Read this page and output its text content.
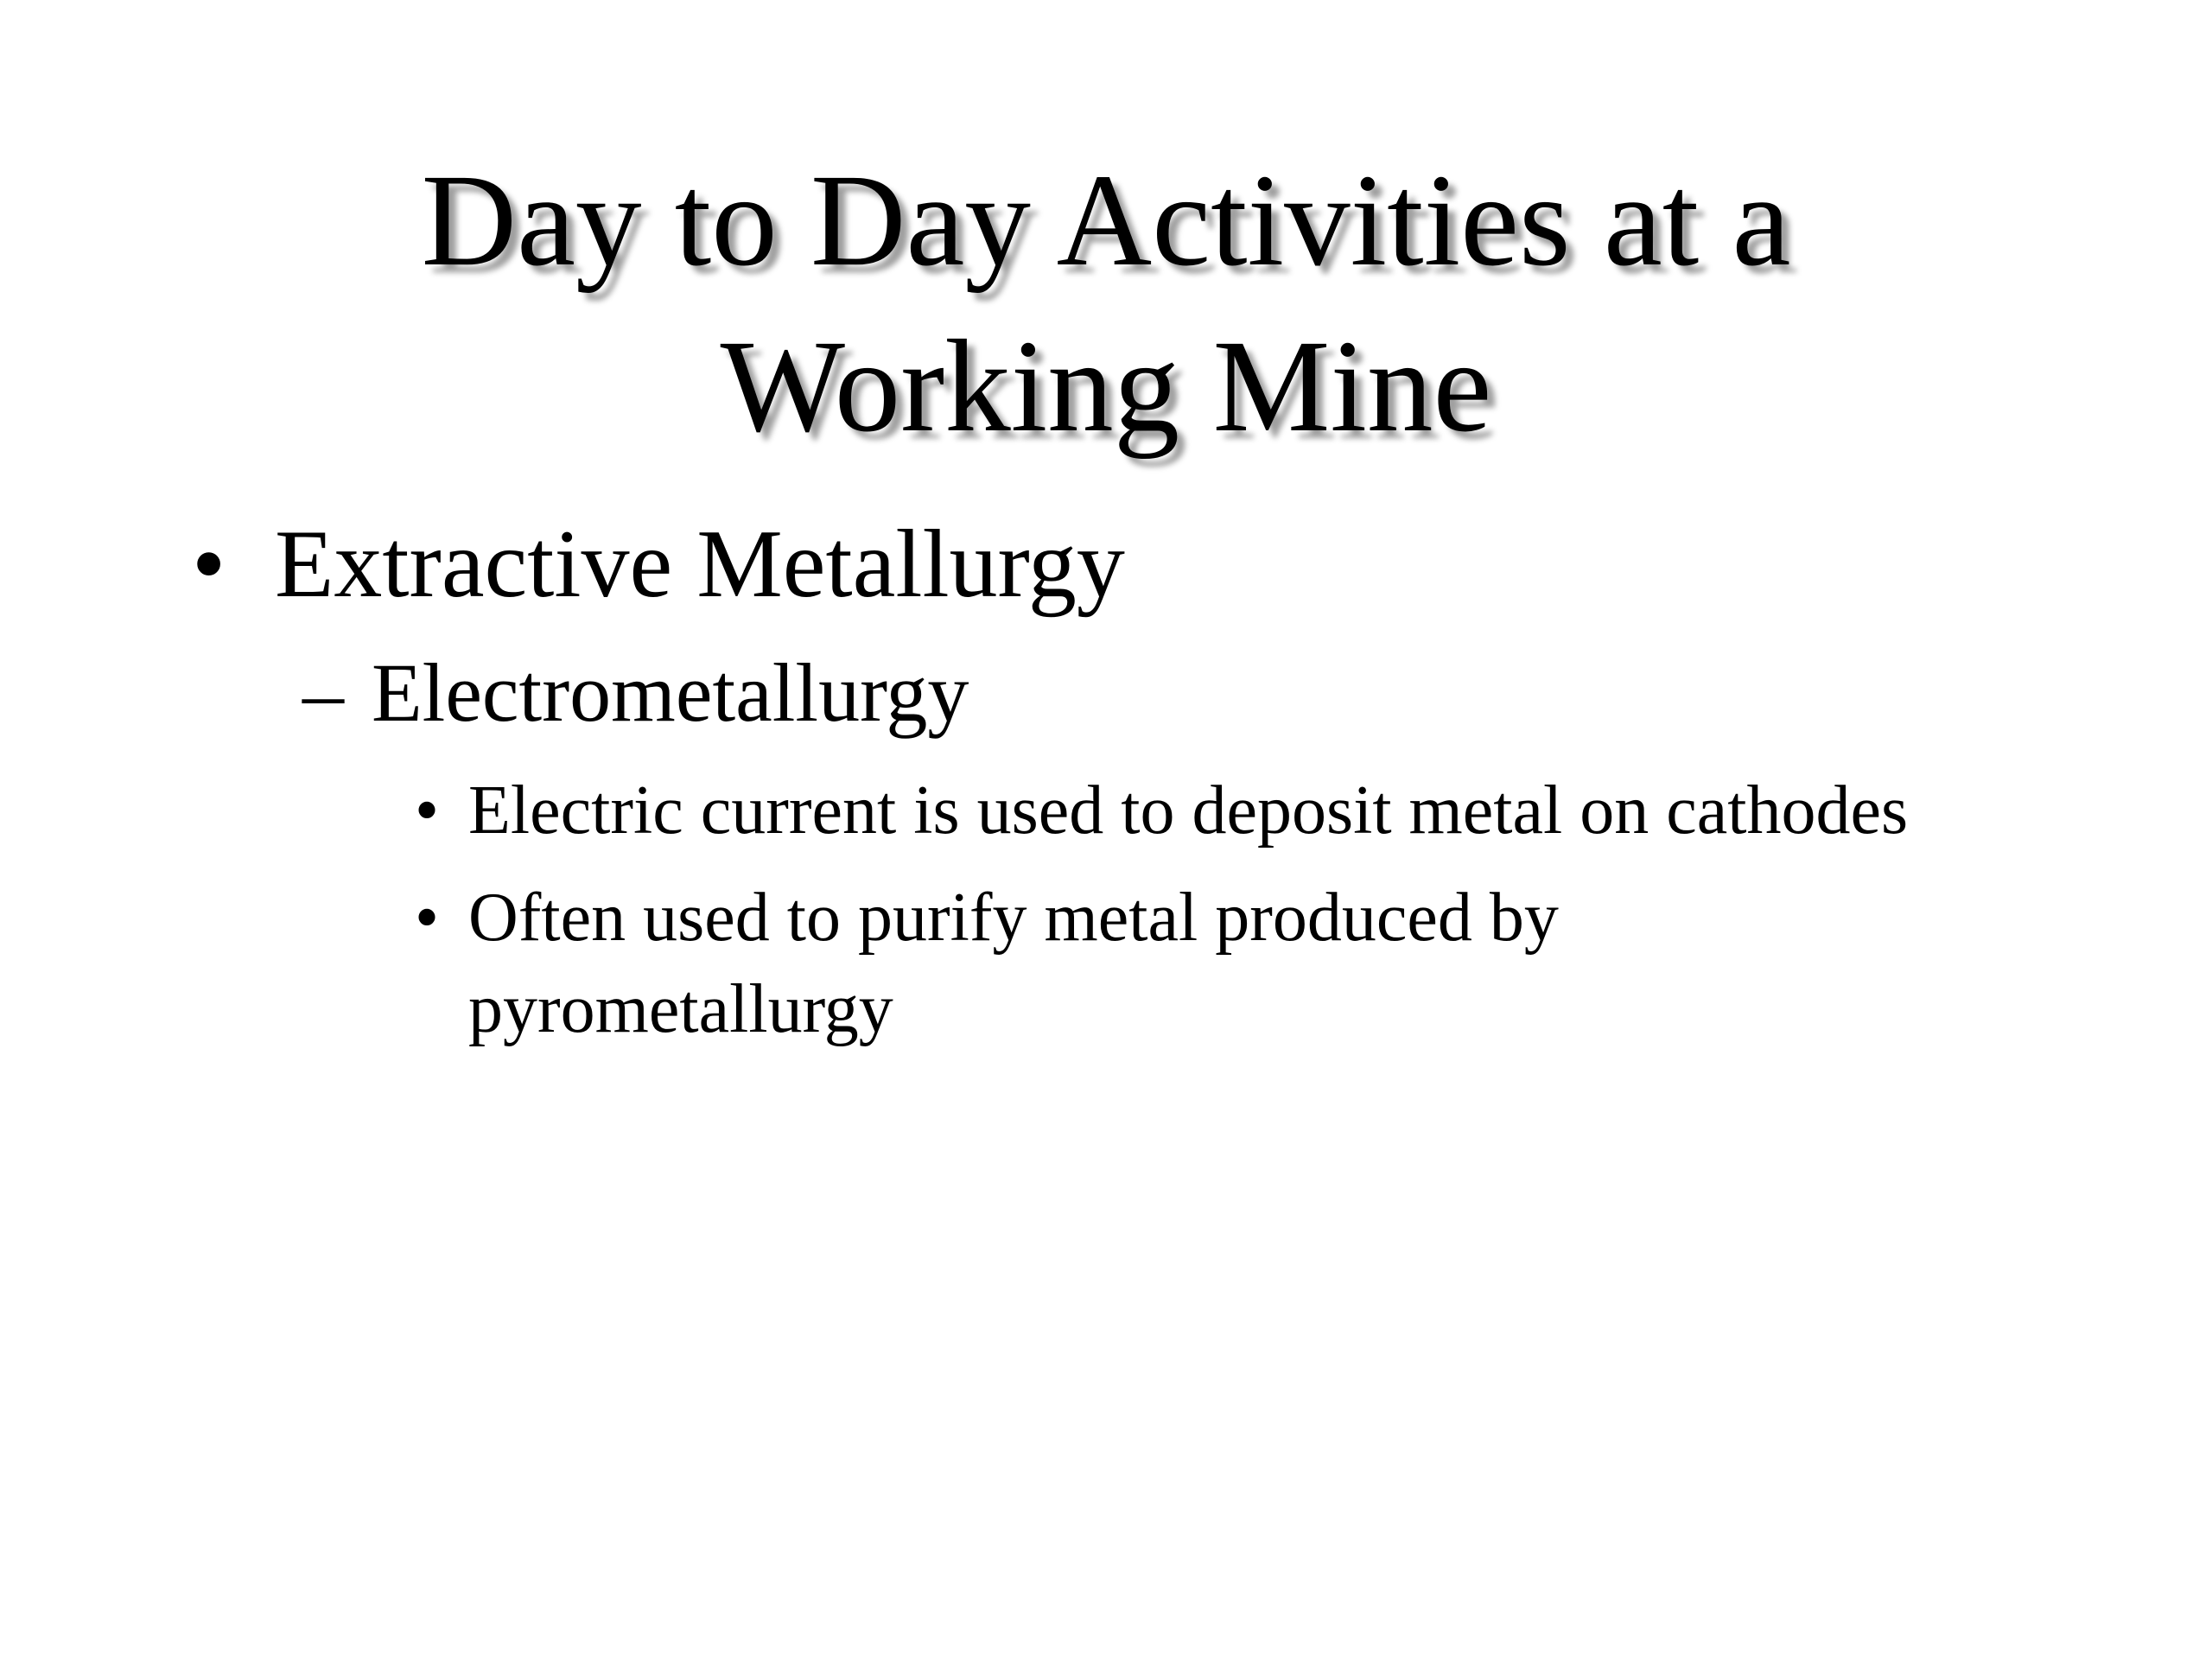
Day to Day Activities at a
Working Mine
• Extractive Metallurgy
– Electrometallurgy
• Electric current is used to deposit metal on cathodes
• Often used to purify metal produced by
pyrometallurgy
